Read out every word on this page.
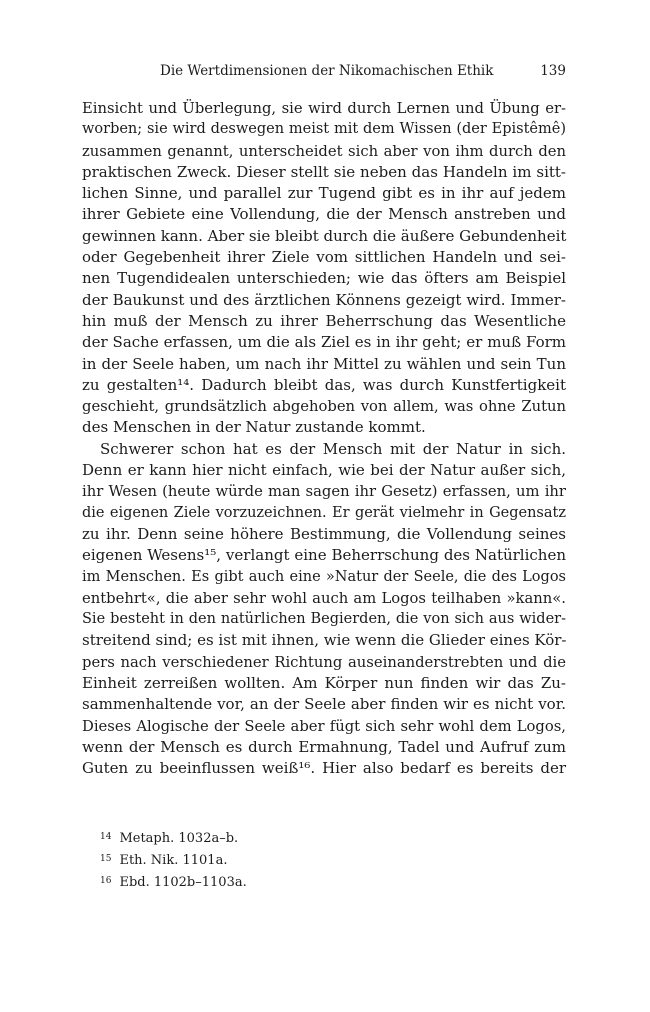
Die Wertdimensionen der Nikomachischen Ethik	139
Einsicht und Überlegung, sie wird durch Lernen und Übung er-
worben; sie wird deswegen meist mit dem Wissen (der Epistêmê)
zusammen genannt, unterscheidet sich aber von ihm durch den
praktischen Zweck. Dieser stellt sie neben das Handeln im sitt-
lichen Sinne, und parallel zur Tugend gibt es in ihr auf jedem
ihrer Gebiete eine Vollendung, die der Mensch anstreben und
gewinnen kann. Aber sie bleibt durch die äußere Gebundenheit
oder Gegebenheit ihrer Ziele vom sittlichen Handeln und sei-
nen Tugendidealen unterschieden; wie das öfters am Beispiel
der Baukunst und des ärztlichen Könnens gezeigt wird. Immer-
hin muß der Mensch zu ihrer Beherrschung das Wesentliche
der Sache erfassen, um die als Ziel es in ihr geht; er muß Form
in der Seele haben, um nach ihr Mittel zu wählen und sein Tun
zu gestalten¹⁴. Dadurch bleibt das, was durch Kunstfertigkeit
geschieht, grundsätzlich abgehoben von allem, was ohne Zutun
des Menschen in der Natur zustande kommt.
Schwerer schon hat es der Mensch mit der Natur in sich.
Denn er kann hier nicht einfach, wie bei der Natur außer sich,
ihr Wesen (heute würde man sagen ihr Gesetz) erfassen, um ihr
die eigenen Ziele vorzuzeichnen. Er gerät vielmehr in Gegensatz
zu ihr. Denn seine höhere Bestimmung, die Vollendung seines
eigenen Wesens¹⁵, verlangt eine Beherrschung des Natürlichen
im Menschen. Es gibt auch eine »Natur der Seele, die des Logos
entbehrt«, die aber sehr wohl auch am Logos teilhaben »kann«.
Sie besteht in den natürlichen Begierden, die von sich aus wider-
streitend sind; es ist mit ihnen, wie wenn die Glieder eines Kör-
pers nach verschiedener Richtung auseinanderstrebten und die
Einheit zerreißen wollten. Am Körper nun finden wir das Zu-
sammenhaltende vor, an der Seele aber finden wir es nicht vor.
Dieses Alogische der Seele aber fügt sich sehr wohl dem Logos,
wenn der Mensch es durch Ermahnung, Tadel und Aufruf zum
Guten zu beeinflussen weiß¹⁶. Hier also bedarf es bereits der
14 Metaph. 1032a–b.
15 Eth. Nik. 1101a.
16 Ebd. 1102b–1103a.
